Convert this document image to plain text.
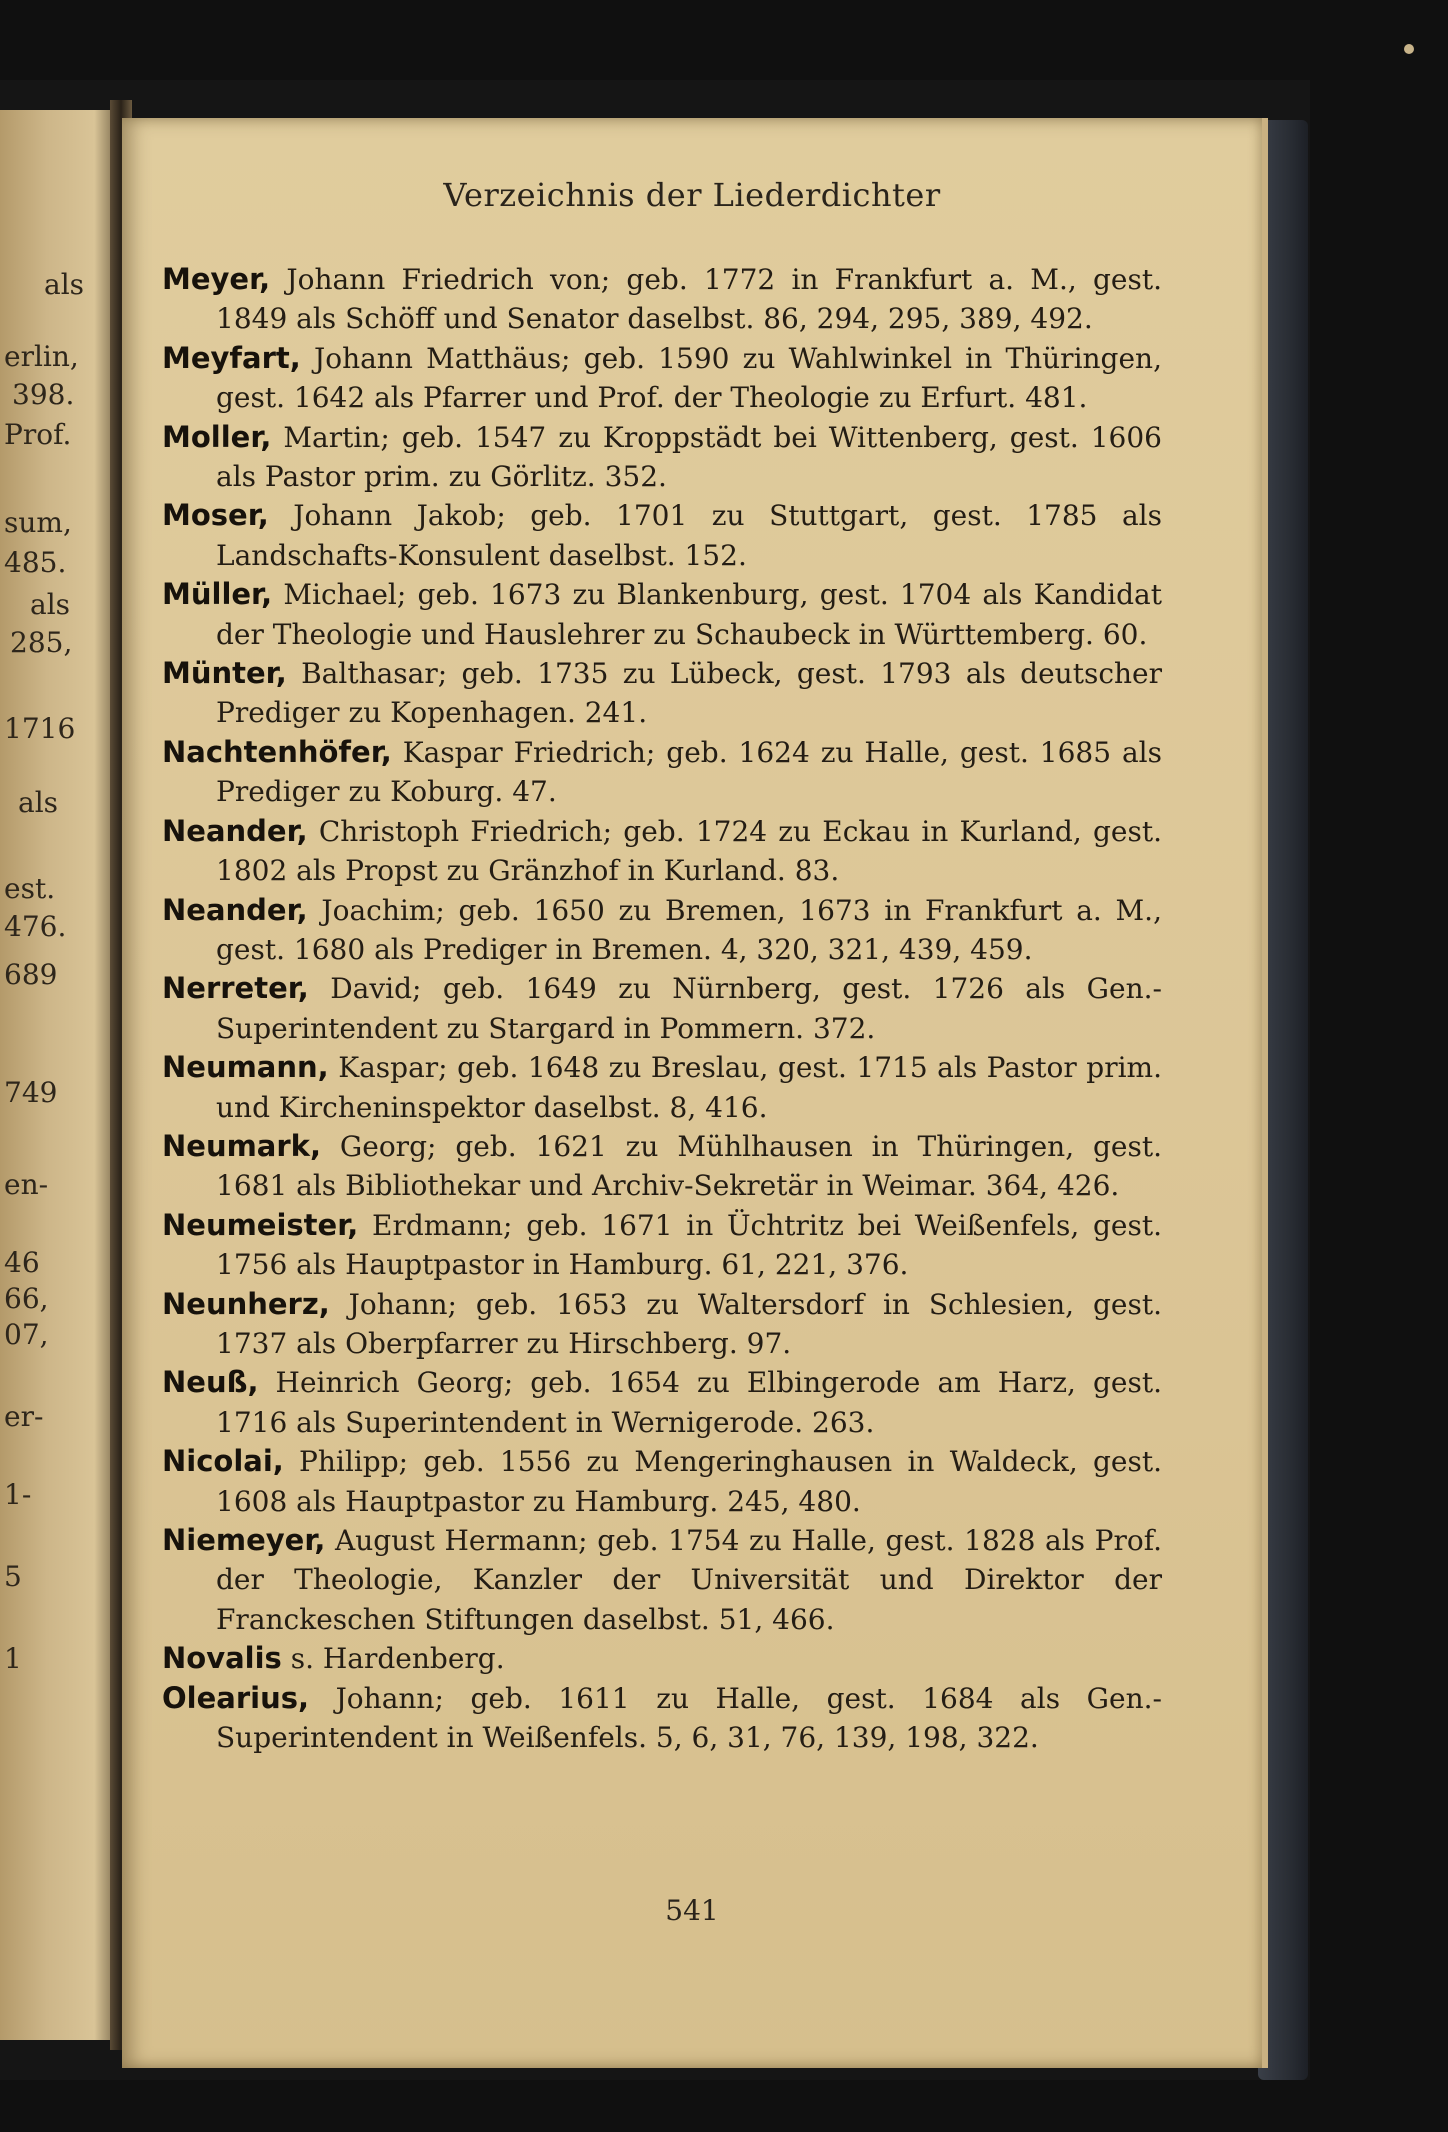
als
erlin,
398.
Prof.
sum,
485.
als
285,
1716
als
est.
476.
689
749
en-
46
66,
07,
er-
1-
5
1
Verzeichnis der Liederdichter

Meyer, Johann Friedrich von; geb. 1772 in Frankfurt a. M., gest. 1849 als Schöff und Senator daselbst. 86, 294, 295, 389, 492.

Meyfart, Johann Matthäus; geb. 1590 zu Wahlwinkel in Thüringen, gest. 1642 als Pfarrer und Prof. der Theologie zu Erfurt. 481.

Moller, Martin; geb. 1547 zu Kroppstädt bei Wittenberg, gest. 1606 als Pastor prim. zu Görlitz. 352.

Moser, Johann Jakob; geb. 1701 zu Stuttgart, gest. 1785 als Landschafts-Konsulent daselbst. 152.

Müller, Michael; geb. 1673 zu Blankenburg, gest. 1704 als Kandidat der Theologie und Hauslehrer zu Schaubeck in Württemberg. 60.

Münter, Balthasar; geb. 1735 zu Lübeck, gest. 1793 als deutscher Prediger zu Kopenhagen. 241.

Nachtenhöfer, Kaspar Friedrich; geb. 1624 zu Halle, gest. 1685 als Prediger zu Koburg. 47.

Neander, Christoph Friedrich; geb. 1724 zu Eckau in Kurland, gest. 1802 als Propst zu Gränzhof in Kurland. 83.

Neander, Joachim; geb. 1650 zu Bremen, 1673 in Frankfurt a. M., gest. 1680 als Prediger in Bremen. 4, 320, 321, 439, 459.

Nerreter, David; geb. 1649 zu Nürnberg, gest. 1726 als Gen.-Superintendent zu Stargard in Pommern. 372.

Neumann, Kaspar; geb. 1648 zu Breslau, gest. 1715 als Pastor prim. und Kircheninspektor daselbst. 8, 416.

Neumark, Georg; geb. 1621 zu Mühlhausen in Thüringen, gest. 1681 als Bibliothekar und Archiv-Sekretär in Weimar. 364, 426.

Neumeister, Erdmann; geb. 1671 in Üchtritz bei Weißenfels, gest. 1756 als Hauptpastor in Hamburg. 61, 221, 376.

Neunherz, Johann; geb. 1653 zu Waltersdorf in Schlesien, gest. 1737 als Oberpfarrer zu Hirschberg. 97.

Neuß, Heinrich Georg; geb. 1654 zu Elbingerode am Harz, gest. 1716 als Superintendent in Wernigerode. 263.

Nicolai, Philipp; geb. 1556 zu Mengeringhausen in Waldeck, gest. 1608 als Hauptpastor zu Hamburg. 245, 480.

Niemeyer, August Hermann; geb. 1754 zu Halle, gest. 1828 als Prof. der Theologie, Kanzler der Universität und Direktor der Franckeschen Stiftungen daselbst. 51, 466.

Novalis s. Hardenberg.

Olearius, Johann; geb. 1611 zu Halle, gest. 1684 als Gen.-Superintendent in Weißenfels. 5, 6, 31, 76, 139, 198, 322.

541
